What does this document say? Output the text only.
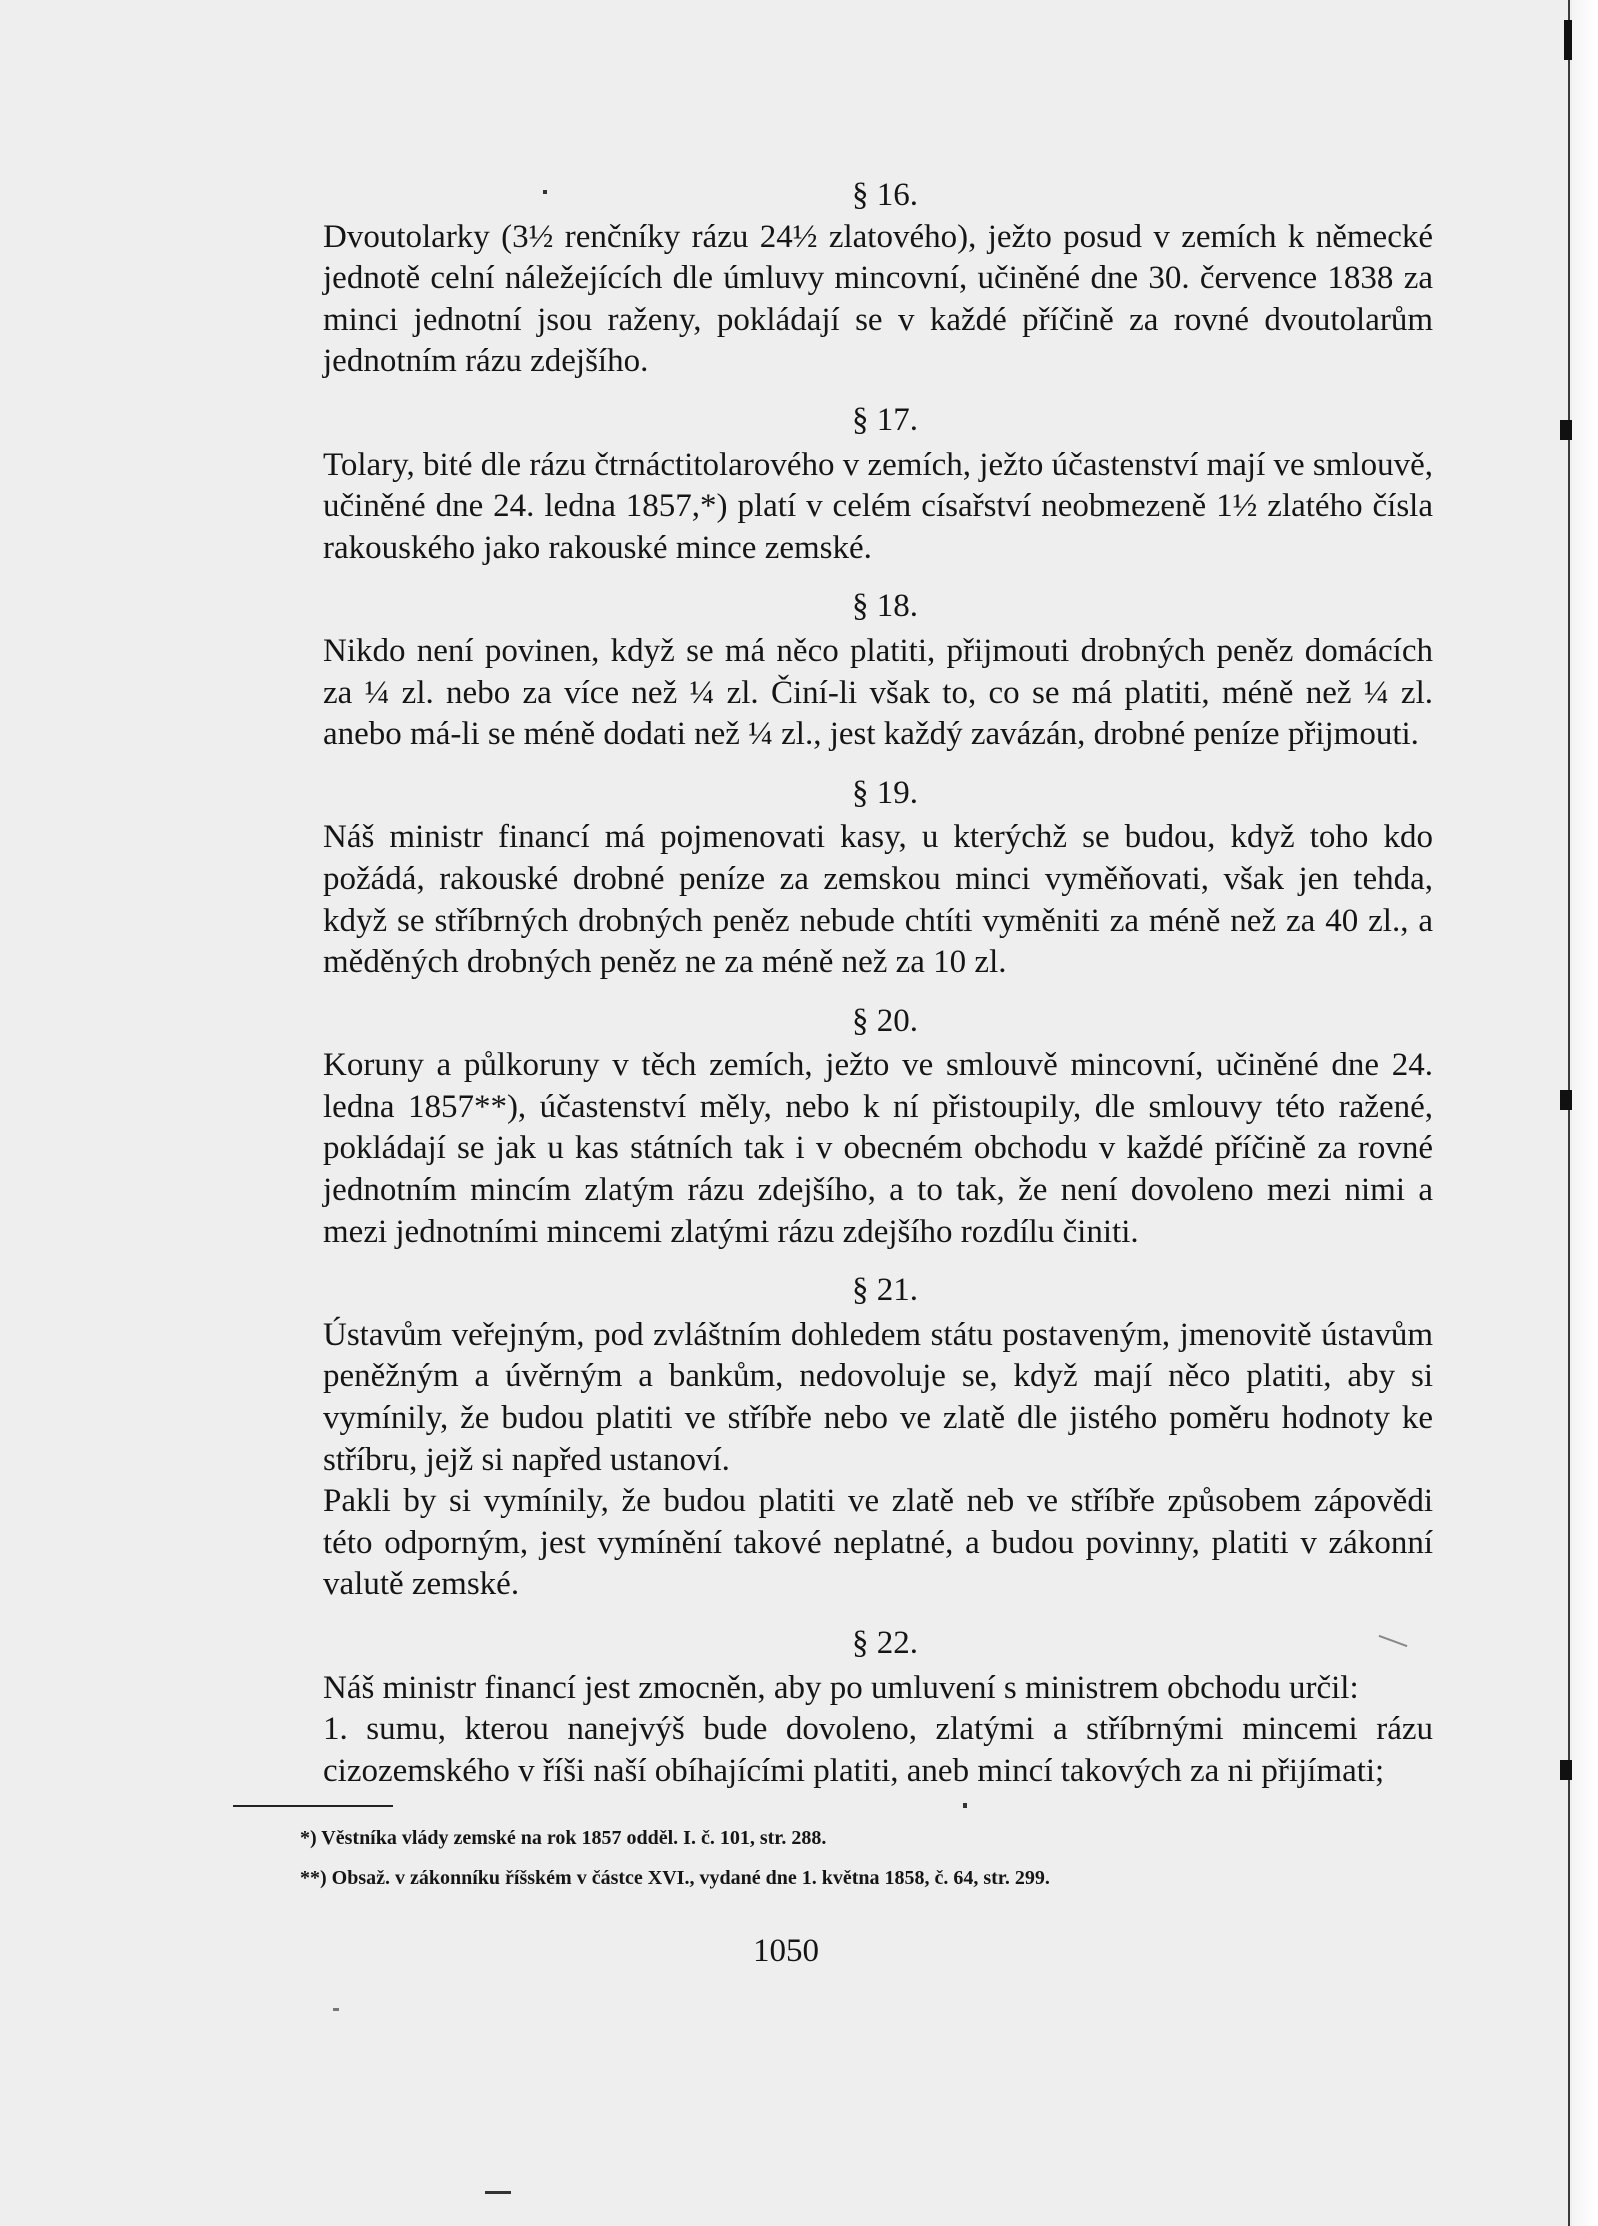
§ 16.

Dvoutolarky (3½ renčníky rázu 24½ zlatového), ježto posud v zemích k německé jednotě celní náležejících dle úmluvy mincovní, učiněné dne 30. července 1838 za minci jednotní jsou raženy, pokládají se v každé příčině za rovné dvoutolarům jednotním rázu zdejšího.

§ 17.

Tolary, bité dle rázu čtrnáctitolarového v zemích, ježto účastenství mají ve smlouvě, učiněné dne 24. ledna 1857,*) platí v celém císařství neobmezeně 1½ zlatého čísla rakouského jako rakouské mince zemské.

§ 18.

Nikdo není povinen, když se má něco platiti, přijmouti drobných peněz domácích za ¼ zl. nebo za více než ¼ zl. Činí-li však to, co se má platiti, méně než ¼ zl. anebo má-li se méně dodati než ¼ zl., jest každý zavázán, drobné peníze přijmouti.

§ 19.

Náš ministr financí má pojmenovati kasy, u kterýchž se budou, když toho kdo požádá, rakouské drobné peníze za zemskou minci vyměňovati, však jen tehda, když se stříbrných drobných peněz nebude chtíti vyměniti za méně než za 40 zl., a měděných drobných peněz ne za méně než za 10 zl.

§ 20.

Koruny a půlkoruny v těch zemích, ježto ve smlouvě mincovní, učiněné dne 24. ledna 1857**), účastenství měly, nebo k ní přistoupily, dle smlouvy této ražené, pokládají se jak u kas státních tak i v obecném obchodu v každé příčině za rovné jednotním mincím zlatým rázu zdejšího, a to tak, že není dovoleno mezi nimi a mezi jednotními mincemi zlatými rázu zdejšího rozdílu činiti.

§ 21.

Ústavům veřejným, pod zvláštním dohledem státu postaveným, jmenovitě ústavům peněžným a úvěrným a bankům, nedovoluje se, když mají něco platiti, aby si vymínily, že budou platiti ve stříbře nebo ve zlatě dle jistého poměru hodnoty ke stříbru, jejž si napřed ustanoví.

Pakli by si vymínily, že budou platiti ve zlatě neb ve stříbře způsobem zápovědi této odporným, jest vymínění takové neplatné, a budou povinny, platiti v zákonní valutě zemské.

§ 22.

Náš ministr financí jest zmocněn, aby po umluvení s ministrem obchodu určil:

1. sumu, kterou nanejvýš bude dovoleno, zlatými a stříbrnými mincemi rázu cizozemského v říši naší obíhajícími platiti, aneb mincí takových za ni přijímati;

*) Věstníka vlády zemské na rok 1857 odděl. I. č. 101, str. 288.
**) Obsaž. v zákonníku říšském v částce XVI., vydané dne 1. května 1858, č. 64, str. 299.
1050
